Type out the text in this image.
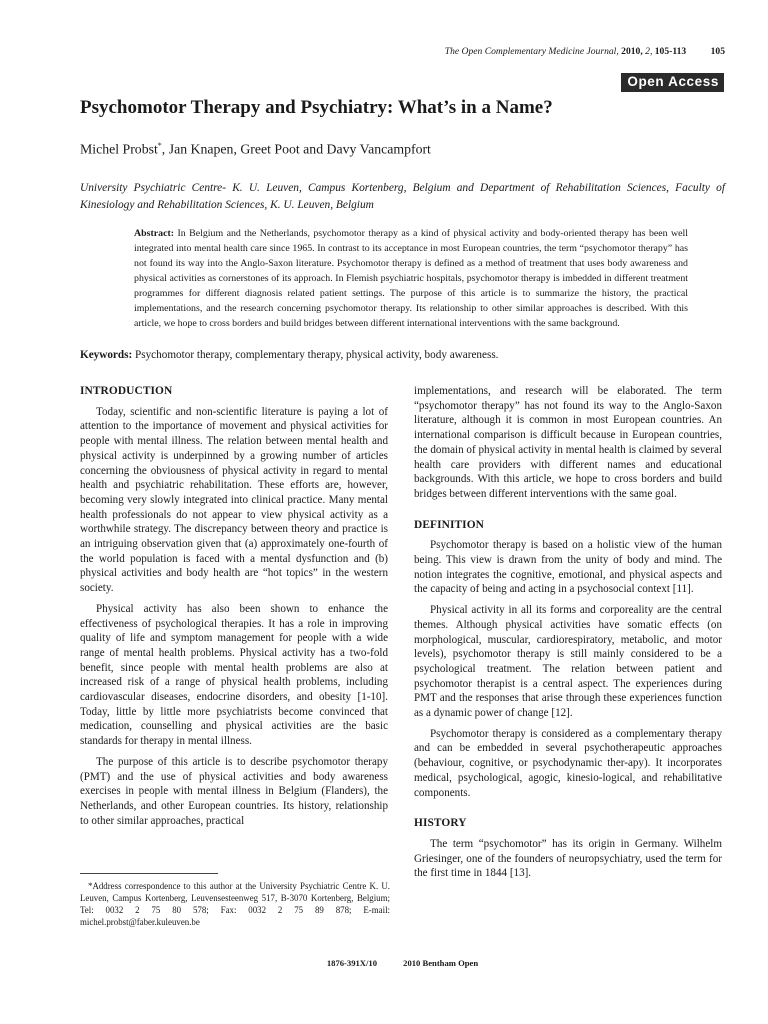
The Open Complementary Medicine Journal, 2010, 2, 105-113	105
Open Access
Psychomotor Therapy and Psychiatry: What’s in a Name?
Michel Probst*, Jan Knapen, Greet Poot and Davy Vancampfort
University Psychiatric Centre- K. U. Leuven, Campus Kortenberg, Belgium and Department of Rehabilitation Sciences, Faculty of Kinesiology and Rehabilitation Sciences, K. U. Leuven, Belgium

Abstract: In Belgium and the Netherlands, psychomotor therapy as a kind of physical activity and body-oriented therapy has been well integrated into mental health care since 1965. In contrast to its acceptance in most European countries, the term “psychomotor therapy” has not found its way into the Anglo-Saxon literature. Psychomotor therapy is defined as a method of treatment that uses body awareness and physical activities as cornerstones of its approach. In Flemish psychiatric hospitals, psychomotor therapy is imbedded in different treatment programmes for different diagnosis related patient settings. The purpose of this article is to summarize the history, the practical implementations, and the research concerning psychomotor therapy. Its relationship to other similar approaches is described. With this article, we hope to cross borders and build bridges between different international interventions with the same background.

Keywords: Psychomotor therapy, complementary therapy, physical activity, body awareness.
INTRODUCTION

Today, scientific and non-scientific literature is paying a lot of attention to the importance of movement and physical activities for people with mental illness. The relation between mental health and physical activity is underpinned by a growing number of articles concerning the obviousness of physical activity in regard to mental health and psychiatric rehabilitation. These efforts are, however, becoming very slowly integrated into clinical practice. Many mental health professionals do not appear to view physical activity as a worthwhile strategy. The discrepancy between theory and practice is an intriguing observation given that (a) approximately one-fourth of the world population is faced with a mental dysfunction and (b) physical activities and body health are “hot topics” in the western society.

Physical activity has also been shown to enhance the effectiveness of psychological therapies. It has a role in improving quality of life and symptom management for people with a wide range of mental health problems. Physical activity has a two-fold benefit, since people with mental health problems are also at increased risk of a range of physical health problems, including cardiovascular diseases, endocrine disorders, and obesity [1-10]. Today, little by little more psychiatrists become convinced that medication, counselling and physical activities are the basic standards for therapy in mental illness.

The purpose of this article is to describe psychomotor therapy (PMT) and the use of physical activities and body awareness exercises in people with mental illness in Belgium (Flanders), the Netherlands, and other European countries. Its history, relationship to other similar approaches, practical

implementations, and research will be elaborated. The term “psychomotor therapy” has not found its way to the Anglo-Saxon literature, although it is common in most European countries. An international comparison is difficult because in European countries, the domain of physical activity in mental health is claimed by several health care providers with different names and educational backgrounds. With this article, we hope to cross borders and build bridges between different interventions with the same goal.

DEFINITION

Psychomotor therapy is based on a holistic view of the human being. This view is drawn from the unity of body and mind. The notion integrates the cognitive, emotional, and physical aspects and the capacity of being and acting in a psychosocial context [11].

Physical activity in all its forms and corporeality are the central themes. Although physical activities have somatic effects (on morphological, muscular, cardiorespiratory, metabolic, and motor levels), psychomotor therapy is still mainly considered to be a psychological treatment. The relation between patient and psychomotor therapist is a central aspect. The experiences during PMT and the responses that arise through these experiences function as a dynamic power of change [12].

Psychomotor therapy is considered as a complementary therapy and can be embedded in several psychotherapeutic approaches (behaviour, cognitive, or psychodynamic ther-apy). It incorporates medical, psychological, agogic, kinesio-logical, and rehabilitative components.

HISTORY

The term “psychomotor” has its origin in Germany. Wilhelm Griesinger, one of the founders of neuropsychiatry, used the term for the first time in 1844 [13].

*Address correspondence to this author at the University Psychiatric Centre K. U. Leuven, Campus Kortenberg, Leuvensesteenweg 517, B-3070 Kortenberg, Belgium; Tel: 0032 2 75 80 578; Fax: 0032 2 75 89 878; E-mail: michel.probst@faber.kuleuven.be
1876-391X/10	2010 Bentham Open
